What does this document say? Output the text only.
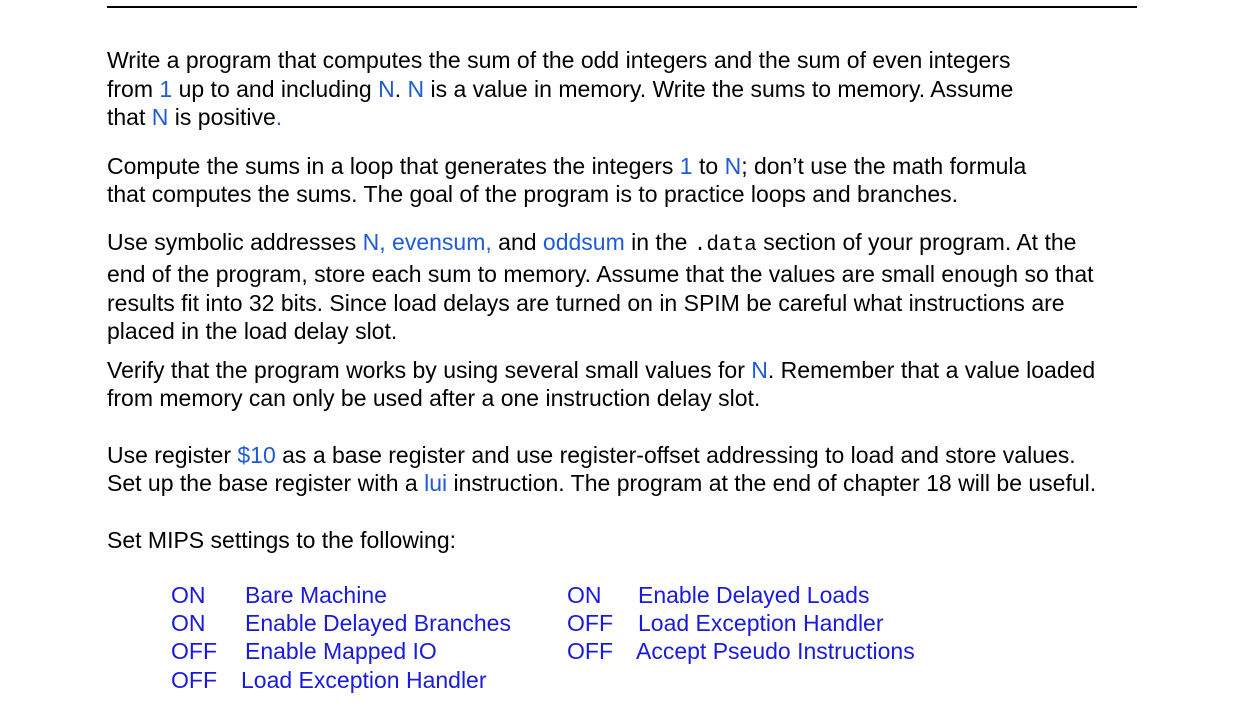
Write a program that computes the sum of the odd integers and the sum of even integers
from 1 up to and including N. N is a value in memory. Write the sums to memory. Assume
that N is positive.

Compute the sums in a loop that generates the integers 1 to N; don’t use the math formula
that computes the sums. The goal of the program is to practice loops and branches.

Use symbolic addresses N, evensum, and oddsum in the .data section of your program. At the
end of the program, store each sum to memory. Assume that the values are small enough so that
results fit into 32 bits. Since load delays are turned on in SPIM be careful what instructions are
placed in the load delay slot.

Verify that the program works by using several small values for N. Remember that a value loaded
from memory can only be used after a one instruction delay slot.

Use register $10 as a base register and use register-offset addressing to load and store values.
Set up the base register with a lui instruction. The program at the end of chapter 18 will be useful.

Set MIPS settings to the following:

ON Bare Machine
ON Enable Delayed Branches
OFF Enable Mapped IO
OFF Load Exception Handler
ON Enable Delayed Loads
OFF Load Exception Handler
OFF Accept Pseudo Instructions
